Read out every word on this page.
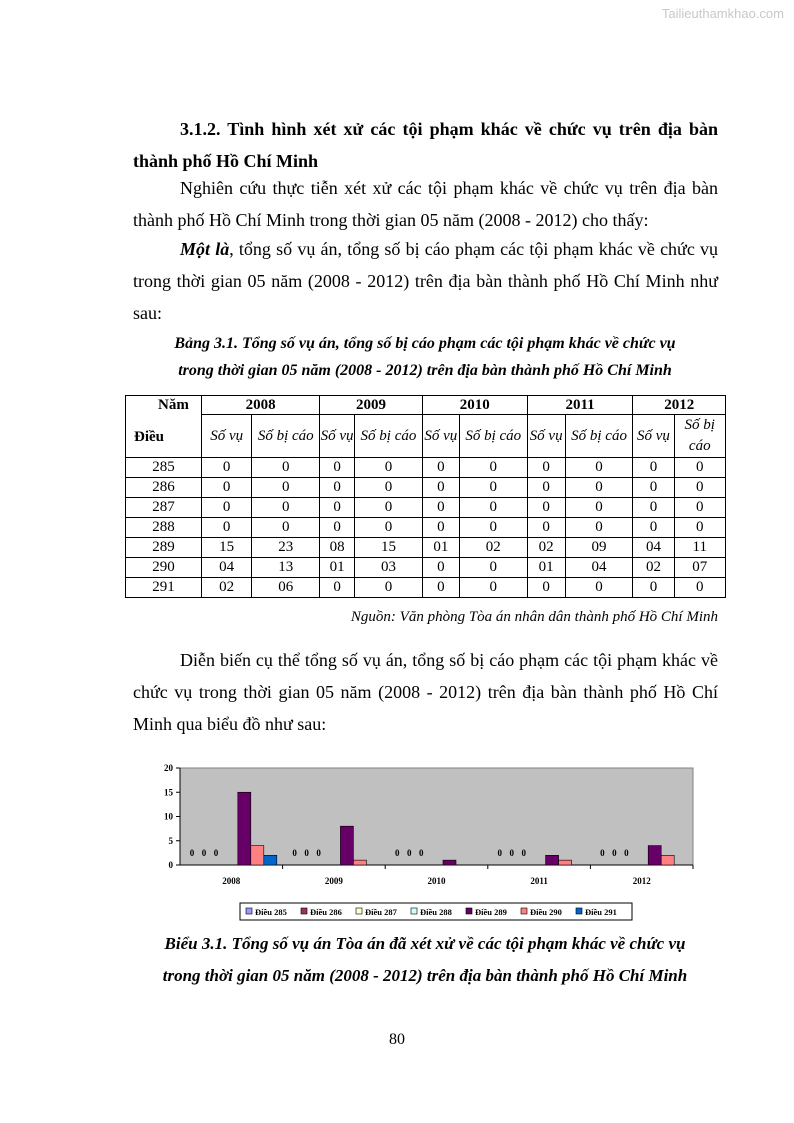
Tailieuthamkhao.com
3.1.2. Tình hình xét xử các tội phạm khác về chức vụ trên địa bàn thành phố Hồ Chí Minh
Nghiên cứu thực tiễn xét xử các tội phạm khác về chức vụ trên địa bàn thành phố Hồ Chí Minh trong thời gian 05 năm (2008 - 2012) cho thấy:
Một là, tổng số vụ án, tổng số bị cáo phạm các tội phạm khác về chức vụ trong thời gian 05 năm (2008 - 2012) trên địa bàn thành phố Hồ Chí Minh như sau:
Bảng 3.1. Tổng số vụ án, tổng số bị cáo phạm các tội phạm khác về chức vụ
trong thời gian 05 năm (2008 - 2012) trên địa bàn thành phố Hồ Chí Minh
Năm
Điều	2008		2009		2010		2011		2012	
	Số vụ	Số bị cáo	Số vụ	Số bị cáo	Số vụ	Số bị cáo	Số vụ	Số bị cáo	Số vụ	Số bị cáo
285	0	0	0	0	0	0	0	0	0	0
286	0	0	0	0	0	0	0	0	0	0
287	0	0	0	0	0	0	0	0	0	0
288	0	0	0	0	0	0	0	0	0	0
289	15	23	08	15	01	02	02	09	04	11
290	04	13	01	03	0	0	01	04	02	07
291	02	06	0	0	0	0	0	0	0	0
Nguồn: Văn phòng Tòa án nhân dân thành phố Hồ Chí Minh
Diễn biến cụ thể tổng số vụ án, tổng số bị cáo phạm các tội phạm khác về chức vụ trong thời gian 05 năm (2008 - 2012) trên địa bàn thành phố Hồ Chí Minh qua biểu đồ như sau:
0
5
10
15
20
2008
0 0 0
2009
0 0 0
2010
0 0 0
2011
0 0 0
2012
0 0 0
Điều 285	Điều 286	Điều 287	Điều 288	Điều 289	Điều 290	Điều 291
Biểu 3.1. Tổng số vụ án Tòa án đã xét xử về các tội phạm khác về chức vụ
trong thời gian 05 năm (2008 - 2012) trên địa bàn thành phố Hồ Chí Minh
80
